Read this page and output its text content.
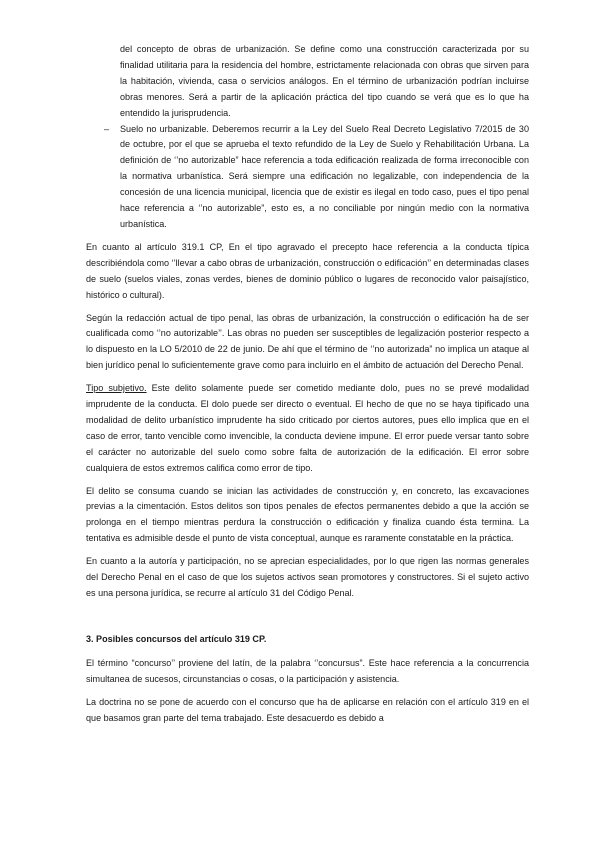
del concepto de obras de urbanización. Se define como una construcción caracterizada por su finalidad utilitaria para la residencia del hombre, estrictamente relacionada con obras que sirven para la habitación, vivienda, casa o servicios análogos. En el término de urbanización podrían incluirse obras menores. Será a partir de la aplicación práctica del tipo cuando se verá que es lo que ha entendido la jurisprudencia.

– Suelo no urbanizable. Deberemos recurrir a la Ley del Suelo Real Decreto Legislativo 7/2015 de 30 de octubre, por el que se aprueba el texto refundido de la Ley de Suelo y Rehabilitación Urbana. La definición de ‘’no autorizable” hace referencia a toda edificación realizada de forma irreconocible con la normativa urbanística. Será siempre una edificación no legalizable, con independencia de la concesión de una licencia municipal, licencia que de existir es ilegal en todo caso, pues el tipo penal hace referencia a ‘’no autorizable”, esto es, a no conciliable por ningún medio con la normativa urbanística.

En cuanto al artículo 319.1 CP, En el tipo agravado el precepto hace referencia a la conducta típica describiéndola como ‘’llevar a cabo obras de urbanización, construcción o edificación’’ en determinadas clases de suelo (suelos viales, zonas verdes, bienes de dominio público o lugares de reconocido valor paisajístico, histórico o cultural).

Según la redacción actual de tipo penal, las obras de urbanización, la construcción o edificación ha de ser cualificada como ‘’no autorizable’’. Las obras no pueden ser susceptibles de legalización posterior respecto a lo dispuesto en la LO 5/2010 de 22 de junio. De ahí que el término de ‘’no autorizada” no implica un ataque al bien jurídico penal lo suficientemente grave como para incluirlo en el ámbito de actuación del Derecho Penal.

Tipo subjetivo. Este delito solamente puede ser cometido mediante dolo, pues no se prevé modalidad imprudente de la conducta. El dolo puede ser directo o eventual. El hecho de que no se haya tipificado una modalidad de delito urbanístico imprudente ha sido criticado por ciertos autores, pues ello implica que en el caso de error, tanto vencible como invencible, la conducta deviene impune. El error puede versar tanto sobre el carácter no autorizable del suelo como sobre falta de autorización de la edificación. El error sobre cualquiera de estos extremos califica como error de tipo.

El delito se consuma cuando se inician las actividades de construcción y, en concreto, las excavaciones previas a la cimentación. Estos delitos son tipos penales de efectos permanentes debido a que la acción se prolonga en el tiempo mientras perdura la construcción o edificación y finaliza cuando ésta termina. La tentativa es admisible desde el punto de vista conceptual, aunque es raramente constatable en la práctica.

En cuanto a la autoría y participación, no se aprecian especialidades, por lo que rigen las normas generales del Derecho Penal en el caso de que los sujetos activos sean promotores y constructores. Si el sujeto activo es una persona jurídica, se recurre al artículo 31 del Código Penal.

3. Posibles concursos del artículo 319 CP.

El término “concurso’’ proviene del latín, de la palabra ‘’concursus”. Este hace referencia a la concurrencia simultanea de sucesos, circunstancias o cosas, o la participación y asistencia.

La doctrina no se pone de acuerdo con el concurso que ha de aplicarse en relación con el artículo 319 en el que basamos gran parte del tema trabajado. Este desacuerdo es debido a
